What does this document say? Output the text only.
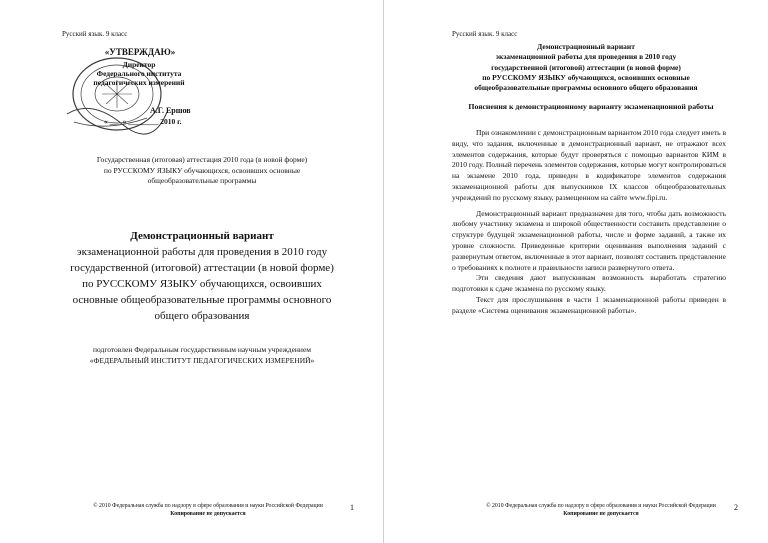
Русский язык. 9 класс
«УТВЕРЖДАЮ»
Директор
Федерального института
педагогических измерений
А.Г. Ершов
« ___ » ________ 2010 г.
Государственная (итоговая) аттестация 2010 года (в новой форме)
по РУССКОМУ ЯЗЫКУ обучающихся, освоивших основные
общеобразовательные программы
Демонстрационный вариант
экзаменационной работы для проведения в 2010 году
государственной (итоговой) аттестации (в новой форме)
по РУССКОМУ ЯЗЫКУ обучающихся, освоивших
основные общеобразовательные программы основного
общего образования
подготовлен Федеральным государственным научным учреждением
«ФЕДЕРАЛЬНЫЙ ИНСТИТУТ ПЕДАГОГИЧЕСКИХ ИЗМЕРЕНИЙ»
© 2010 Федеральная служба по надзору в сфере образования и науки Российской Федерации
Копирование не допускается
1
Русский язык. 9 класс
Демонстрационный вариант
экзаменационной работы для проведения в 2010 году
государственной (итоговой) аттестации (в новой форме)
по РУССКОМУ ЯЗЫКУ обучающихся, освоивших основные
общеобразовательные программы основного общего образования
Пояснения к демонстрационному варианту экзаменационной работы

При ознакомлении с демонстрационным вариантом 2010 года следует иметь в виду, что задания, включенные в демонстрационный вариант, не отражают всех элементов содержания, которые будут проверяться с помощью вариантов КИМ в 2010 году. Полный перечень элементов содержания, которые могут контролироваться на экзамене 2010 года, приведен в кодификаторе элементов содержания экзаменационной работы для выпускников IX классов общеобразовательных учреждений по русскому языку, размещенном на сайте www.fipi.ru.

Демонстрационный вариант предназначен для того, чтобы дать возможность любому участнику экзамена и широкой общественности составить представление о структуре будущей экзаменационной работы, числе и форме заданий, а также их уровне сложности. Приведенные критерии оценивания выполнения заданий с развернутым ответом, включенные в этот вариант, позволят составить представление о требованиях к полноте и правильности записи развернутого ответа.

Эти сведения дают выпускникам возможность выработать стратегию подготовки к сдаче экзамена по русскому языку.

Текст для прослушивания в части 1 экзаменационной работы приведен в разделе «Система оценивания экзаменационной работы».

© 2010 Федеральная служба по надзору в сфере образования и науки Российской Федерации
Копирование не допускается
2
